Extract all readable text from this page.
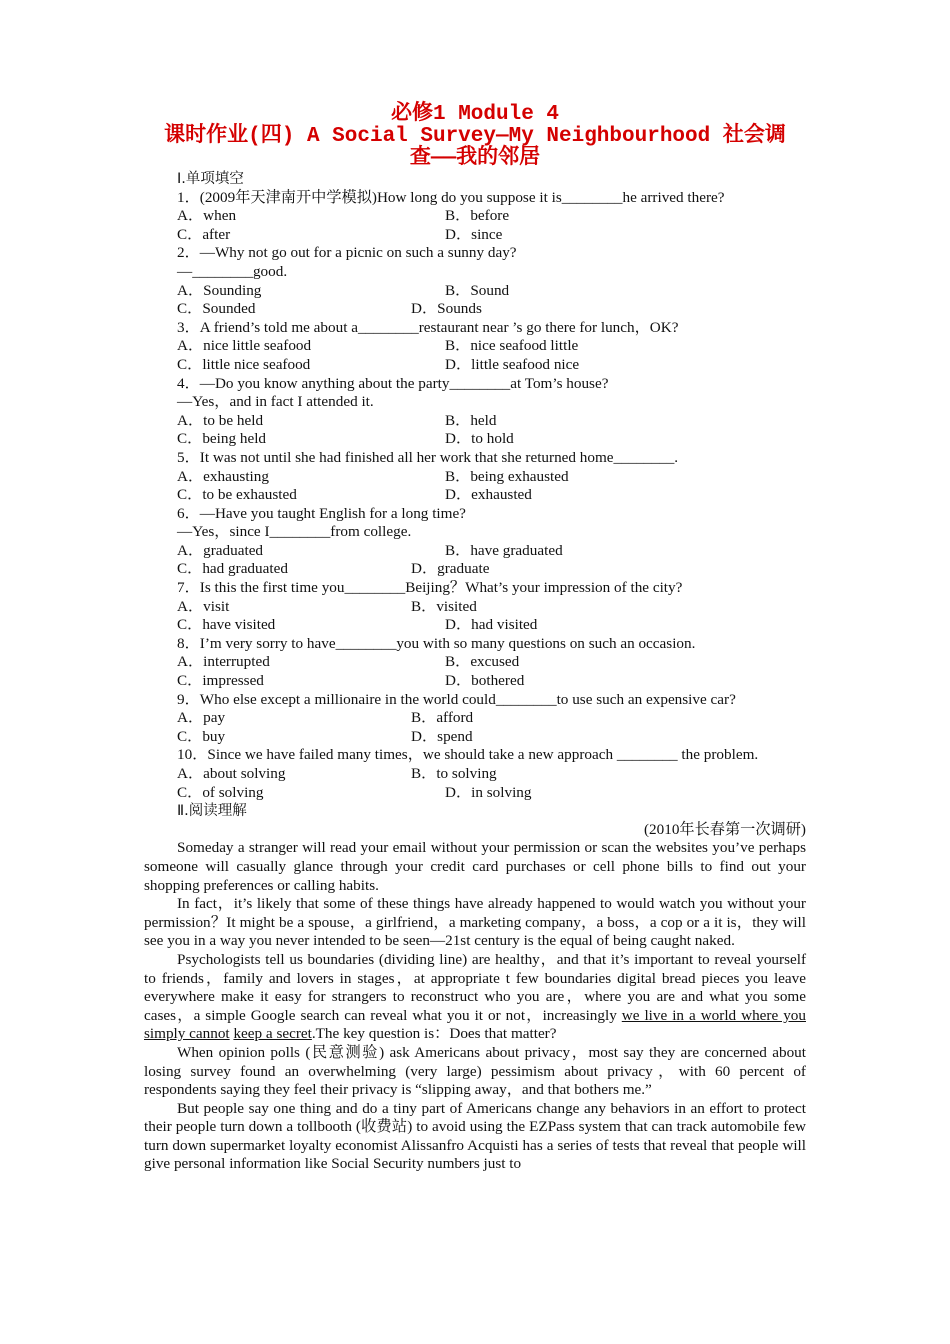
必修1 Module 4
课时作业(四) A Social Survey—My Neighbourhood 社会调
查——我的邻居
Ⅰ.单项填空
1．(2009年天津南开中学模拟)How long do you suppose it is________he arrived there?
A．when	B．before
C．after	D．since
2．—Why not go out for a picnic on such a sunny day?
—________good.
A．Sounding	B．Sound
C．Sounded	D．Sounds
3．A friend’s told me about a________restaurant near ’s go there for lunch，OK?
A．nice little seafood	B．nice seafood little
C．little nice seafood	D．little seafood nice
4．—Do you know anything about the party________at Tom’s house?
—Yes，and in fact I attended it.
A．to be held	B．held
C．being held	D．to hold
5．It was not until she had finished all her work that she returned home________.
A．exhausting	B．being exhausted
C．to be exhausted	D．exhausted
6．—Have you taught English for a long time?
—Yes，since I________from college.
A．graduated	B．have graduated
C．had graduated	D．graduate
7．Is this the first time you________Beijing？What’s your impression of the city?
A．visit	B．visited
C．have visited	D．had visited
8．I’m very sorry to have________you with so many questions on such an occasion.
A．interrupted	B．excused
C．impressed	D．bothered
9．Who else except a millionaire in the world could________to use such an expensive car?
A．pay	B．afford
C．buy	D．spend
10．Since we have failed many times，we should take a new approach ________ the problem.
A．about solving	B．to solving
C．of solving	D．in solving
Ⅱ.阅读理解
(2010年长春第一次调研)
Someday a stranger will read your email without your permission or scan the websites you’ve perhaps someone will casually glance through your credit card purchases or cell phone bills to find out your shopping preferences or calling habits.
In fact，it’s likely that some of these things have already happened to would watch you without your permission？It might be a spouse，a girlfriend，a marketing company，a boss，a cop or a it is，they will see you in a way you never intended to be seen—21st century is the equal of being caught naked.
Psychologists tell us boundaries (dividing line) are healthy，and that it’s important to reveal yourself to friends，family and lovers in stages，at appropriate t few boundaries digital bread pieces you leave everywhere make it easy for strangers to reconstruct who you are，where you are and what you some cases，a simple Google search can reveal what you it or not，increasingly we live in a world where you simply cannot keep a secret.The key question is：Does that matter?
When opinion polls (民意测验) ask Americans about privacy，most say they are concerned about losing survey found an overwhelming (very large) pessimism about privacy，with 60 percent of respondents saying they feel their privacy is “slipping away，and that bothers me.”
But people say one thing and do a tiny part of Americans change any behaviors in an effort to protect their people turn down a tollbooth (收费站) to avoid using the EZPass system that can track automobile few turn down supermarket loyalty economist Alissanfro Acquisti has a series of tests that reveal that people will give personal information like Social Security numbers just to
